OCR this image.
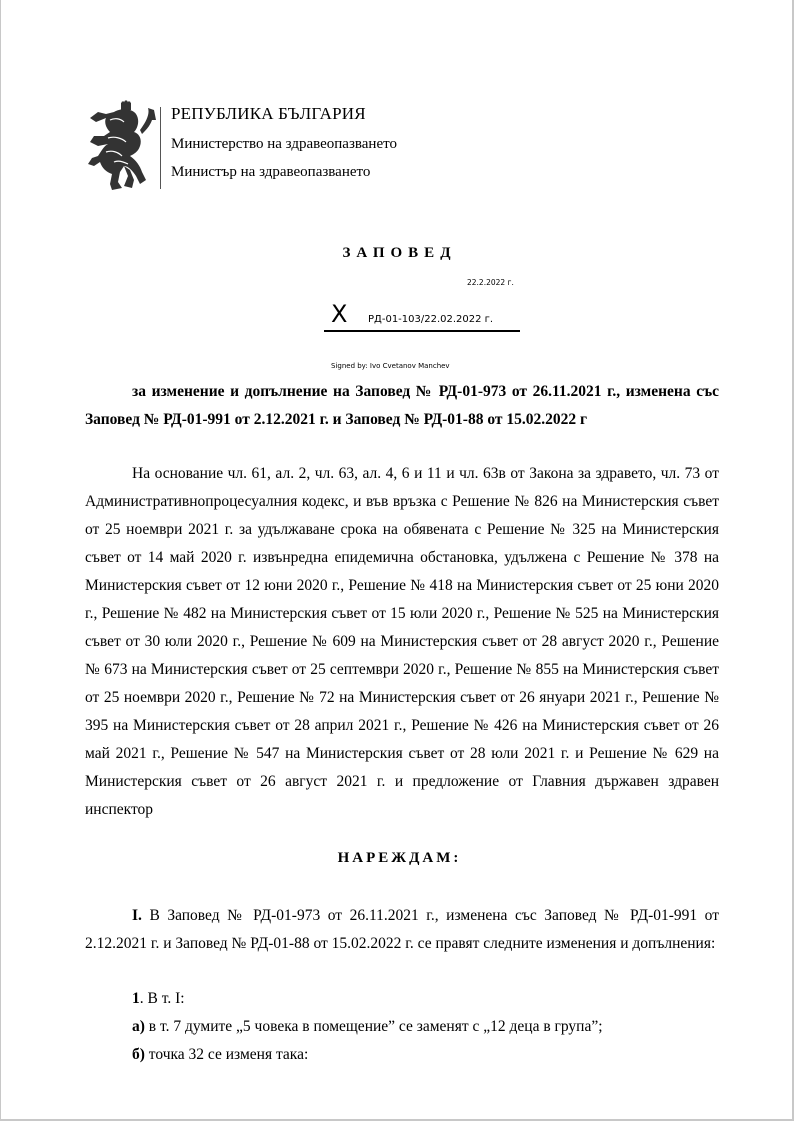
РЕПУБЛИКА БЪЛГАРИЯ
Министерство на здравеопазването
Министър на здравеопазването
ЗАПОВЕД
22.2.2022 г.
X РД-01-103/22.02.2022 г.
Signed by: Ivo Cvetanov Manchev
за изменение и допълнение на Заповед № РД-01-973 от 26.11.2021 г., изменена със Заповед № РД-01-991 от 2.12.2021 г. и Заповед № РД-01-88 от 15.02.2022 г
На основание чл. 61, ал. 2, чл. 63, ал. 4, 6 и 11 и чл. 63в от Закона за здравето, чл. 73 от Административнопроцесуалния кодекс, и във връзка с Решение № 826 на Министерския съвет от 25 ноември 2021 г. за удължаване срока на обявената с Решение № 325 на Министерския съвет от 14 май 2020 г. извънредна епидемична обстановка, удължена с Решение № 378 на Министерския съвет от 12 юни 2020 г., Решение № 418 на Министерския съвет от 25 юни 2020 г., Решение № 482 на Министерския съвет от 15 юли 2020 г., Решение № 525 на Министерския съвет от 30 юли 2020 г., Решение № 609 на Министерския съвет от 28 август 2020 г., Решение № 673 на Министерския съвет от 25 септември 2020 г., Решение № 855 на Министерския съвет от 25 ноември 2020 г., Решение № 72 на Министерския съвет от 26 януари 2021 г., Решение № 395 на Министерския съвет от 28 април 2021 г., Решение № 426 на Министерския съвет от 26 май 2021 г., Решение № 547 на Министерския съвет от 28 юли 2021 г. и Решение № 629 на Министерския съвет от 26 август 2021 г. и предложение от Главния държавен здравен инспектор
НАРЕЖДАМ:
I. В Заповед № РД-01-973 от 26.11.2021 г., изменена със Заповед № РД-01-991 от 2.12.2021 г. и Заповед № РД-01-88 от 15.02.2022 г. се правят следните изменения и допълнения:
1. В т. I:
а) в т. 7 думите „5 човека в помещение” се заменят с „12 деца в група”;
б) точка 32 се изменя така:
